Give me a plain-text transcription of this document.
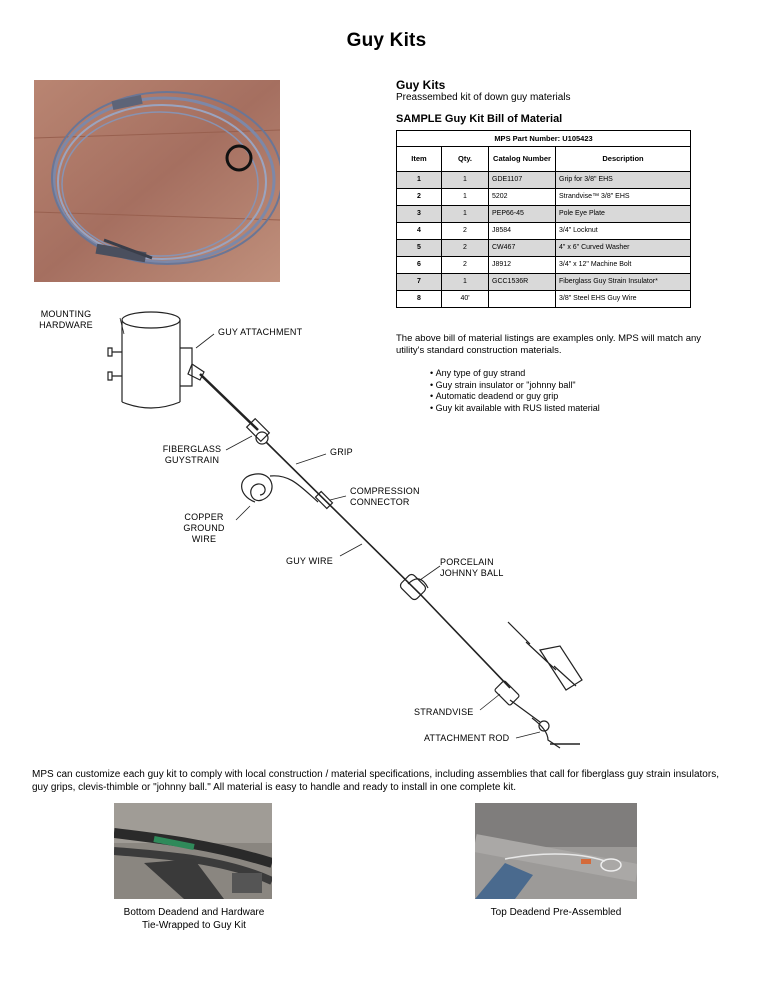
Guy Kits
Guy Kits
Preassembed kit of down guy materials
SAMPLE Guy Kit Bill of Material
MPS Part Number: U105423			
Item	Qty.	Catalog Number	Description
1	1	GDE1107	Grip for 3/8" EHS
2	1	5202	Strandvise™ 3/8" EHS
3	1	PEP66-45	Pole Eye Plate
4	2	J8584	3/4" Locknut
5	2	CW467	4" x 6" Curved Washer
6	2	J8912	3/4" x 12" Machine Bolt
7	1	GCC1536R	Fiberglass Guy Strain Insulator*
8	40'		3/8" Steel EHS Guy Wire
The above bill of material listings are examples only. MPS will match any utility's standard construction materials.
• Any type of guy strand
• Guy strain insulator or "johnny ball"
• Automatic deadend or guy grip
• Guy kit available with RUS listed material
MOUNTING
HARDWARE
GUY ATTACHMENT
FIBERGLASS
GUYSTRAIN
GRIP
COMPRESSION
CONNECTOR
COPPER
GROUND
WIRE
GUY WIRE	PORCELAIN
JOHNNY BALL
STRANDVISE
ATTACHMENT ROD
MPS can customize each guy kit to comply with local construction / material specifications, including assemblies that call for fiberglass guy strain insulators, guy grips, clevis-thimble or "johnny ball." All material is easy to handle and ready to install in one complete kit.
Bottom Deadend and Hardware
Tie-Wrapped to Guy Kit
Top Deadend Pre-Assembled
